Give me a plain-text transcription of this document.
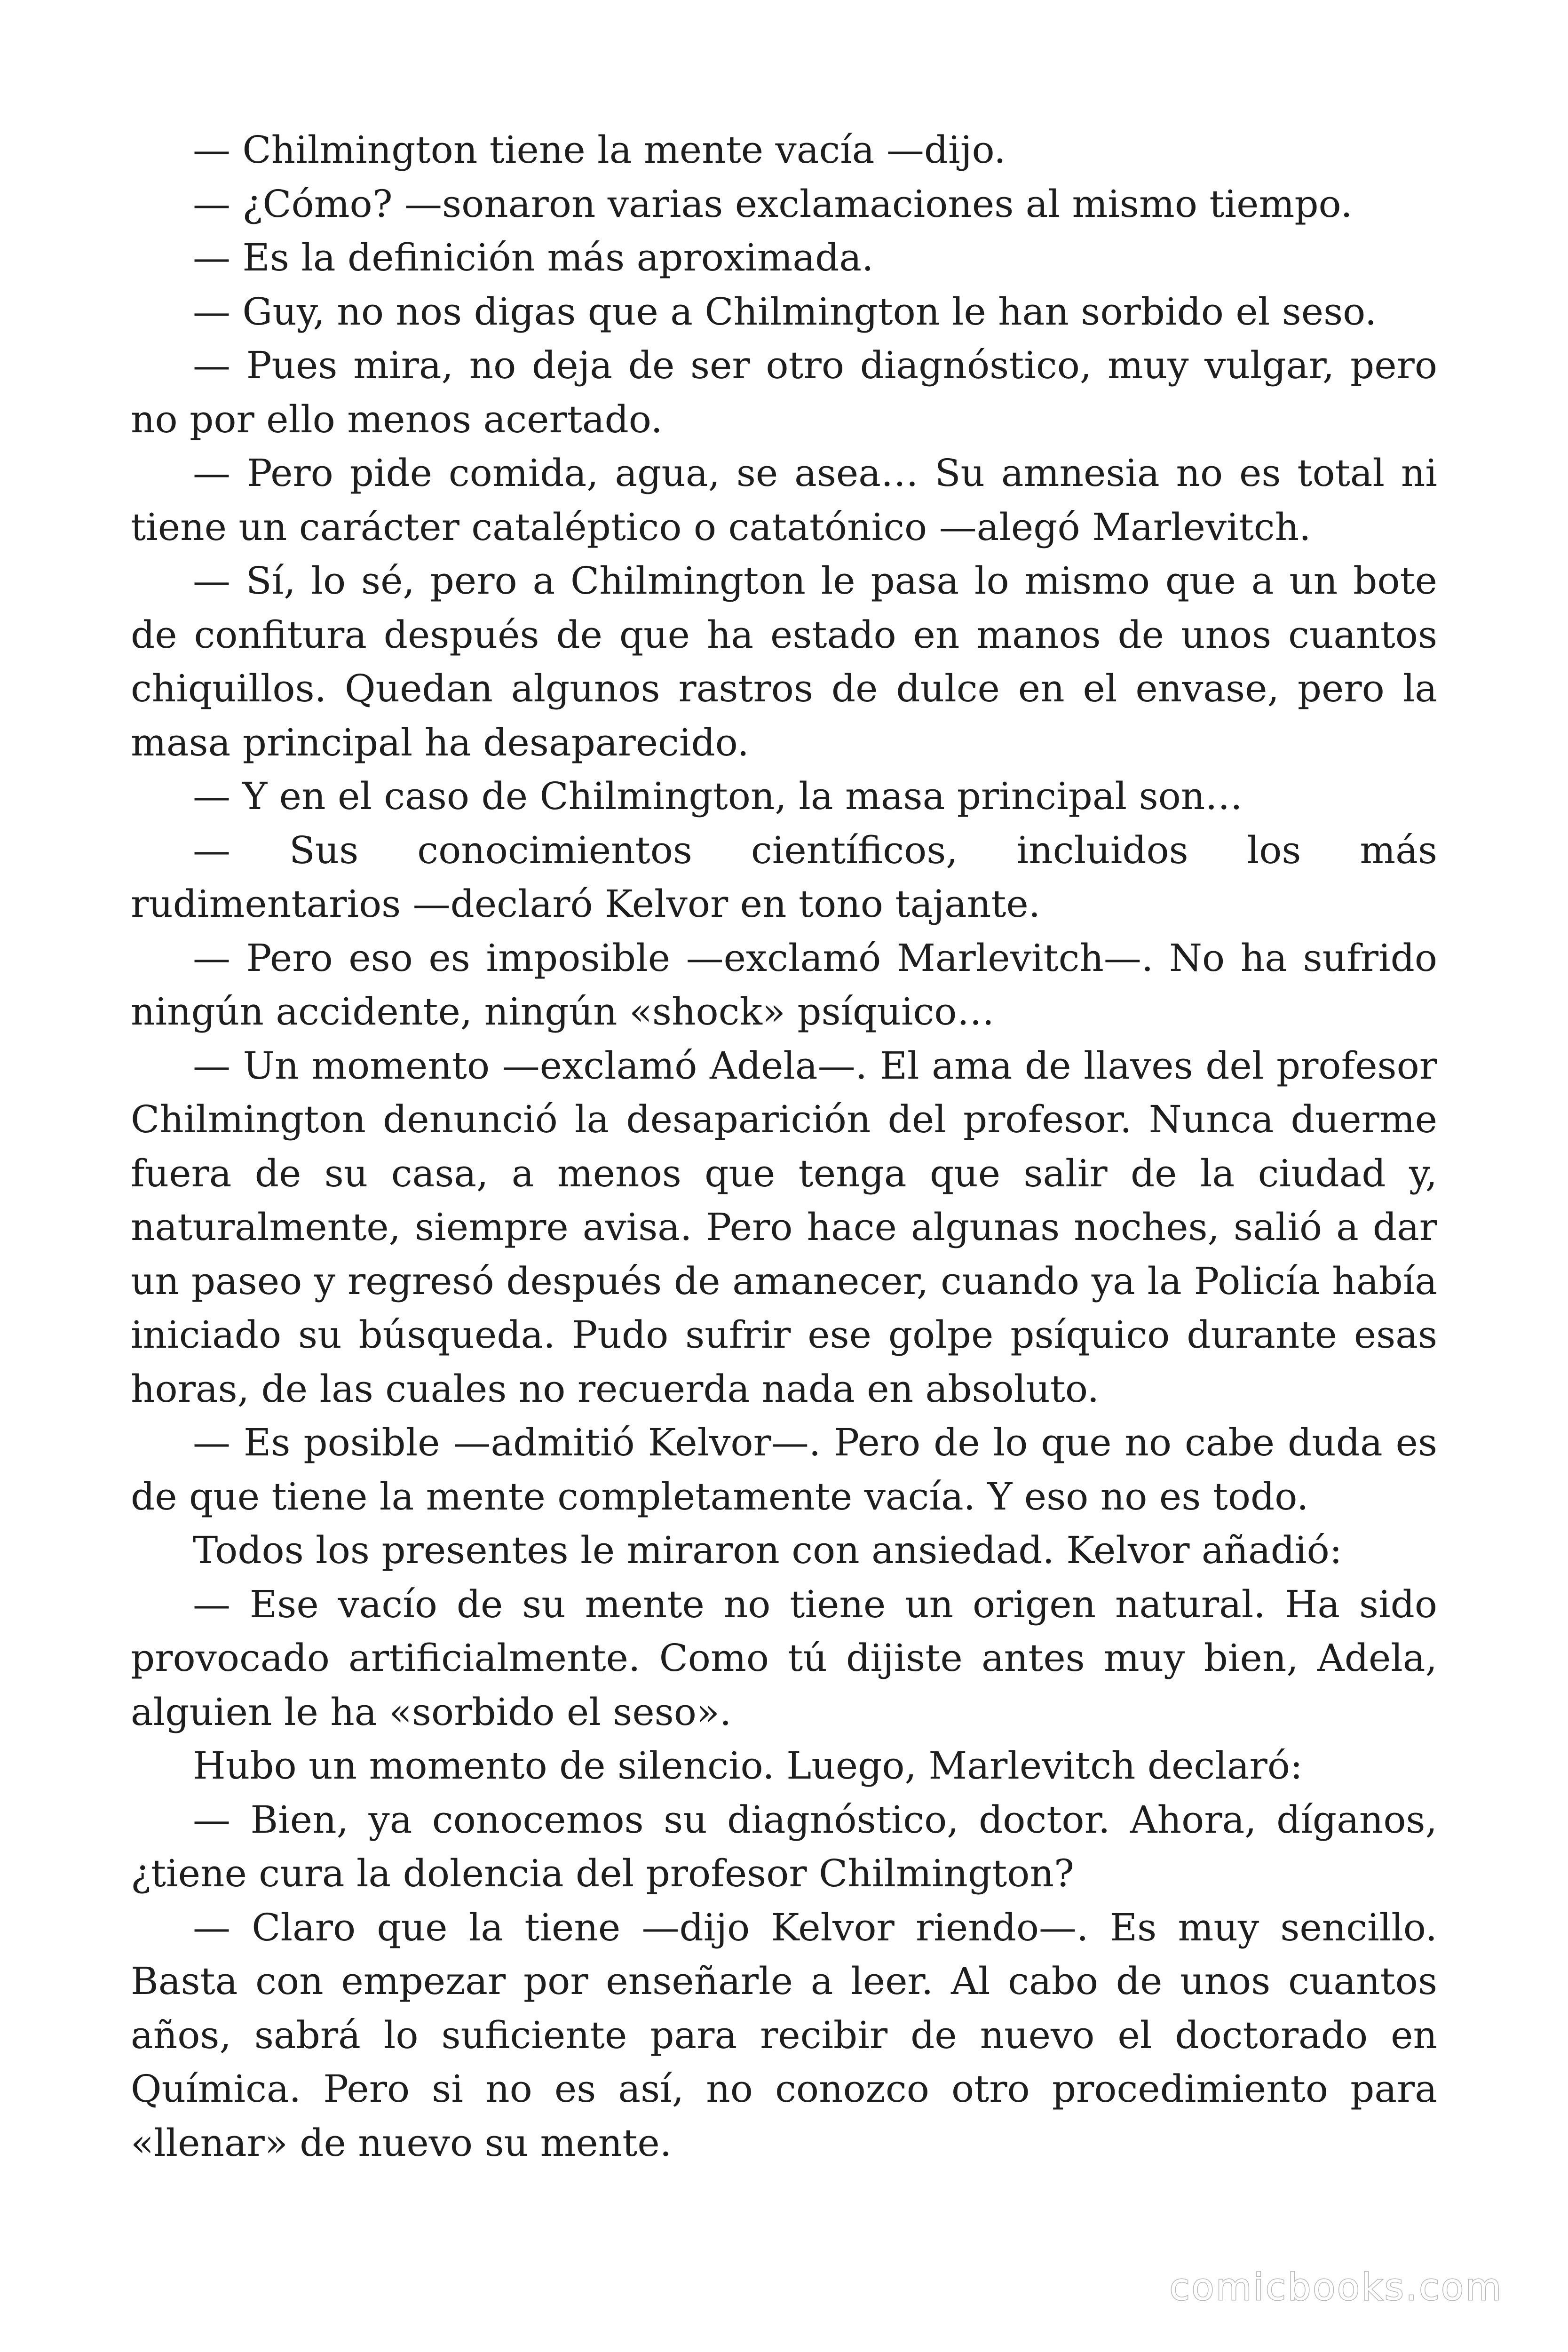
— Chilmington tiene la mente vacía —dijo.

— ¿Cómo? —sonaron varias exclamaciones al mismo tiempo.

— Es la definición más aproximada.

— Guy, no nos digas que a Chilmington le han sorbido el seso.

— Pues mira, no deja de ser otro diagnóstico, muy vulgar, pero no por ello menos acertado.

— Pero pide comida, agua, se asea… Su amnesia no es total ni tiene un carácter cataléptico o catatónico —alegó Marlevitch.

— Sí, lo sé, pero a Chilmington le pasa lo mismo que a un bote de confitura después de que ha estado en manos de unos cuantos chiquillos. Quedan algunos rastros de dulce en el envase, pero la masa principal ha desaparecido.

— Y en el caso de Chilmington, la masa principal son…

— Sus conocimientos científicos, incluidos los más rudimentarios —declaró Kelvor en tono tajante.

— Pero eso es imposible —exclamó Marlevitch—. No ha sufrido ningún accidente, ningún «shock» psíquico…

— Un momento —exclamó Adela—. El ama de llaves del profesor Chilmington denunció la desaparición del profesor. Nunca duerme fuera de su casa, a menos que tenga que salir de la ciudad y, naturalmente, siempre avisa. Pero hace algunas noches, salió a dar un paseo y regresó después de amanecer, cuando ya la Policía había iniciado su búsqueda. Pudo sufrir ese golpe psíquico durante esas horas, de las cuales no recuerda nada en absoluto.

— Es posible —admitió Kelvor—. Pero de lo que no cabe duda es de que tiene la mente completamente vacía. Y eso no es todo.

Todos los presentes le miraron con ansiedad. Kelvor añadió:

— Ese vacío de su mente no tiene un origen natural. Ha sido provocado artificialmente. Como tú dijiste antes muy bien, Adela, alguien le ha «sorbido el seso».

Hubo un momento de silencio. Luego, Marlevitch declaró:

— Bien, ya conocemos su diagnóstico, doctor. Ahora, díganos, ¿tiene cura la dolencia del profesor Chilmington?

— Claro que la tiene —dijo Kelvor riendo—. Es muy sencillo. Basta con empezar por enseñarle a leer. Al cabo de unos cuantos años, sabrá lo suficiente para recibir de nuevo el doctorado en Química. Pero si no es así, no conozco otro procedimiento para «llenar» de nuevo su mente.

comicbooks.com
